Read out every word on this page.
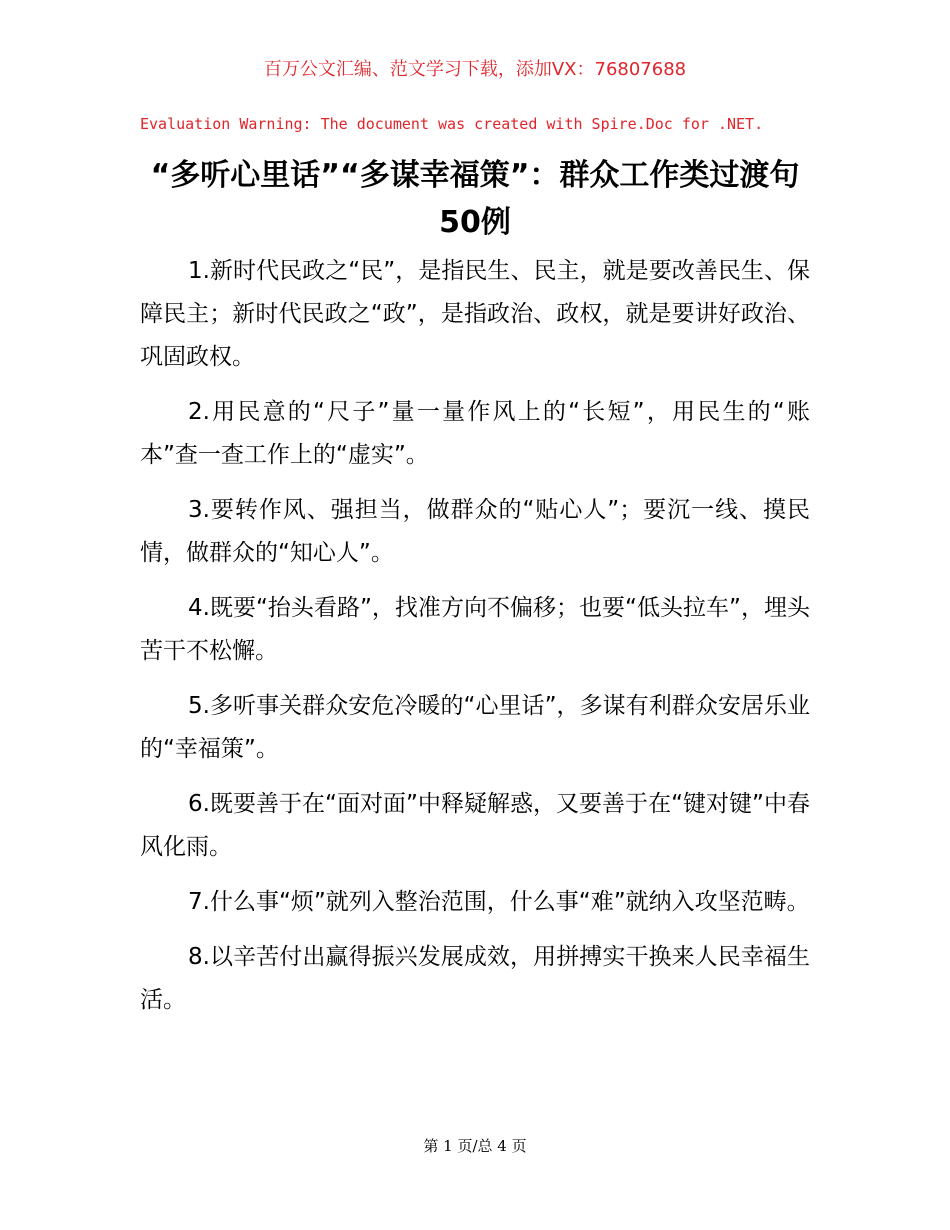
百万公文汇编、范文学习下载，添加VX：76807688
Evaluation Warning: The document was created with Spire.Doc for .NET.
“多听心里话”“多谋幸福策”：群众工作类过渡句50例

1.新时代民政之“民”，是指民生、民主，就是要改善民生、保障民主；新时代民政之“政”，是指政治、政权，就是要讲好政治、巩固政权。

2.用民意的“尺子”量一量作风上的“长短”，用民生的“账本”查一查工作上的“虚实”。

3.要转作风、强担当，做群众的“贴心人”；要沉一线、摸民情，做群众的“知心人”。

4.既要“抬头看路”，找准方向不偏移；也要“低头拉车”，埋头苦干不松懈。

5.多听事关群众安危冷暖的“心里话”，多谋有利群众安居乐业的“幸福策”。

6.既要善于在“面对面”中释疑解惑，又要善于在“键对键”中春风化雨。

7.什么事“烦”就列入整治范围，什么事“难”就纳入攻坚范畴。

8.以辛苦付出赢得振兴发展成效，用拼搏实干换来人民幸福生活。

第 1 页/总 4 页
